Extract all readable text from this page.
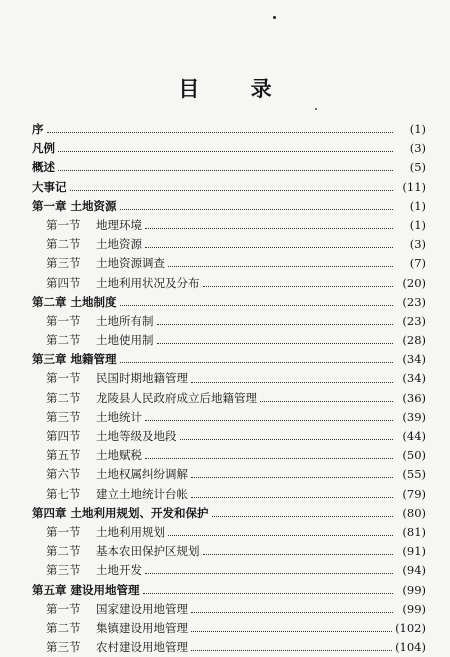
目 录
序	(1)
凡例	(3)
概述	(5)
大事记	(11)
第一章 土地资源	(1)
第一节	地理环境	(1)
第二节	土地资源	(3)
第三节	土地资源调查	(7)
第四节	土地利用状况及分布	(20)
第二章 土地制度	(23)
第一节	土地所有制	(23)
第二节	土地使用制	(28)
第三章 地籍管理	(34)
第一节	民国时期地籍管理	(34)
第二节	龙陵县人民政府成立后地籍管理	(36)
第三节	土地统计	(39)
第四节	土地等级及地段	(44)
第五节	土地赋税	(50)
第六节	土地权属纠纷调解	(55)
第七节	建立土地统计台帐	(79)
第四章 土地利用规划、开发和保护	(80)
第一节	土地利用规划	(81)
第二节	基本农田保护区规划	(91)
第三节	土地开发	(94)
第五章 建设用地管理	(99)
第一节	国家建设用地管理	(99)
第二节	集镇建设用地管理	(102)
第三节	农村建设用地管理	(104)
